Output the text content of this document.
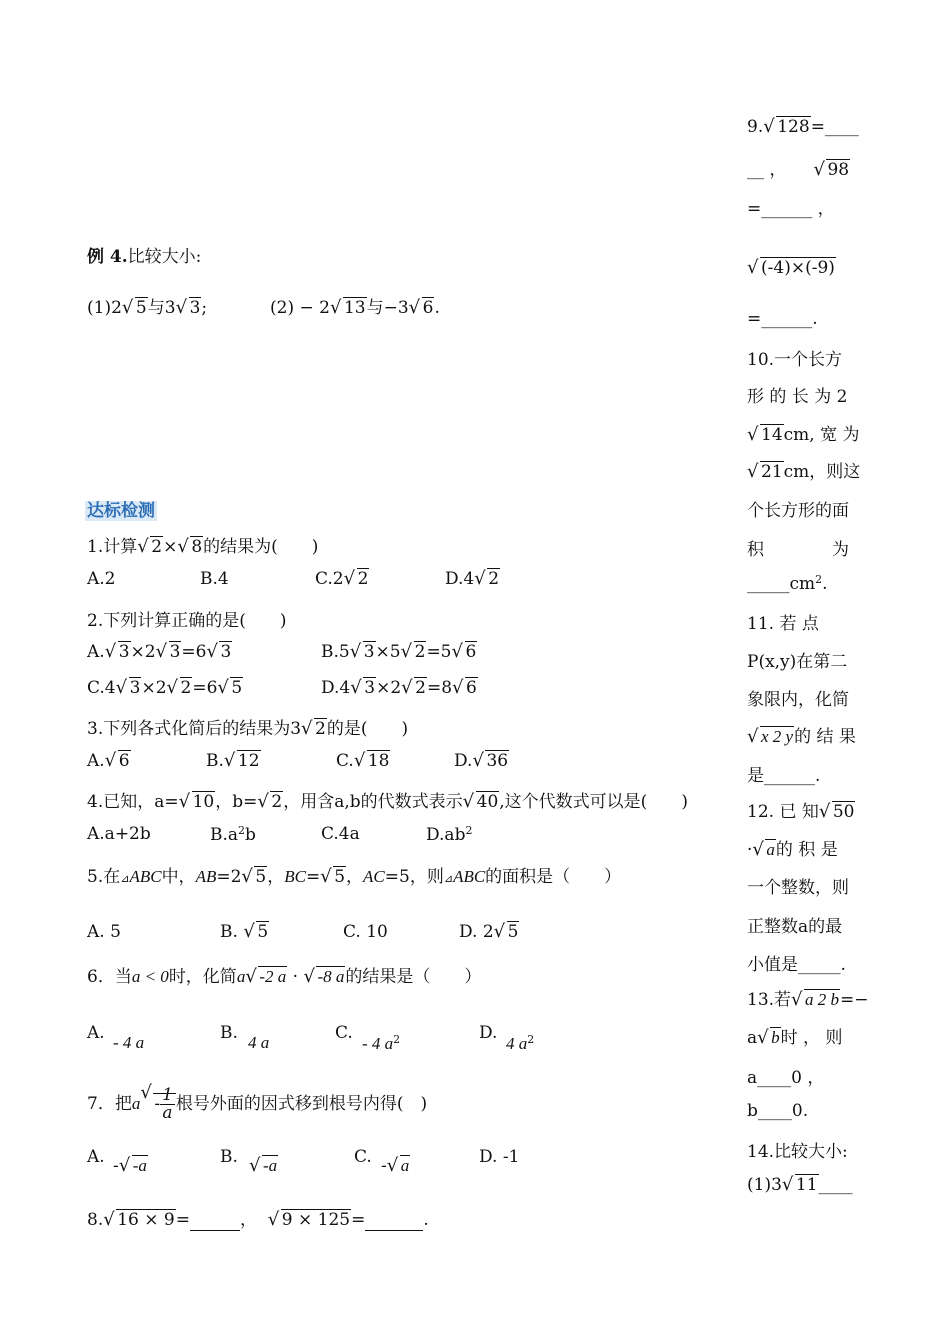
例 4.比较大小:
(1)2√ 5与3√ 3;	(2) − 2√ 13与−3√ 6.
达标检测
1.计算√ 2×√ 8的结果为(　　)
A.2	B.4	C.2√ 2	D.4√ 2
2.下列计算正确的是(　　)
A.√ 3×2√ 3=6√ 3	B.5√ 3×5√ 2=5√ 6
C.4√ 3×2√ 2=6√ 5	D.4√ 3×2√ 2=8√ 6
3.下列各式化简后的结果为3√ 2的是(　　)
A.√ 6	B.√ 12	C.√ 18	D.√ 36
4.已知，a=√ 10，b=√ 2，用含a,b的代数式表示√ 40,这个代数式可以是(　　)
A.a+2b	$B.a^2b$	C.4a	$D.ab^2$
5.在⊿ABC中，AB=2√ 5，BC=√ 5，AC=5，则⊿ABC的面积是（　　）
A. 5	B. √ 5	C. 10	D. 2√ 5
6．当a < 0时，化简a√ -2 a · √ -8 a的结果是（　　）
A. - 4 a	B. 4 a	C.
- 4 $a^2$	D.
4 $a^2$
7．把$a√ - \frac{1}{a}$ 根号外面的因式移到根号内得(　)
A. -√ -a	B.
√	-a	C. -√ a	D. -1
8.√ 16 × 9=	，  √ 9 × 125=	.
9.√ 128=____
__ ，     √ 98
=______ ，
√ (-4)×(-9)
=______.
10.一个长方
形 的 长 为 2
√ 14cm, 宽 为
√ 21cm，则这
个长方形的面
积　　　　为
$\_\_\_\_\_cm^2$.
11. 若 点
P(x,y)在第二
象限内，化简
√ x 2 y的 结 果
是______.
12. 已 知√ 50
·√ a的 积 是
一个整数，则
正整数a的最
小值是_____.
13.若√ a 2 b=−
a√ b时 ， 则
a____0 ，
b____0.
14.比较大小:
(1)3√ 11____
